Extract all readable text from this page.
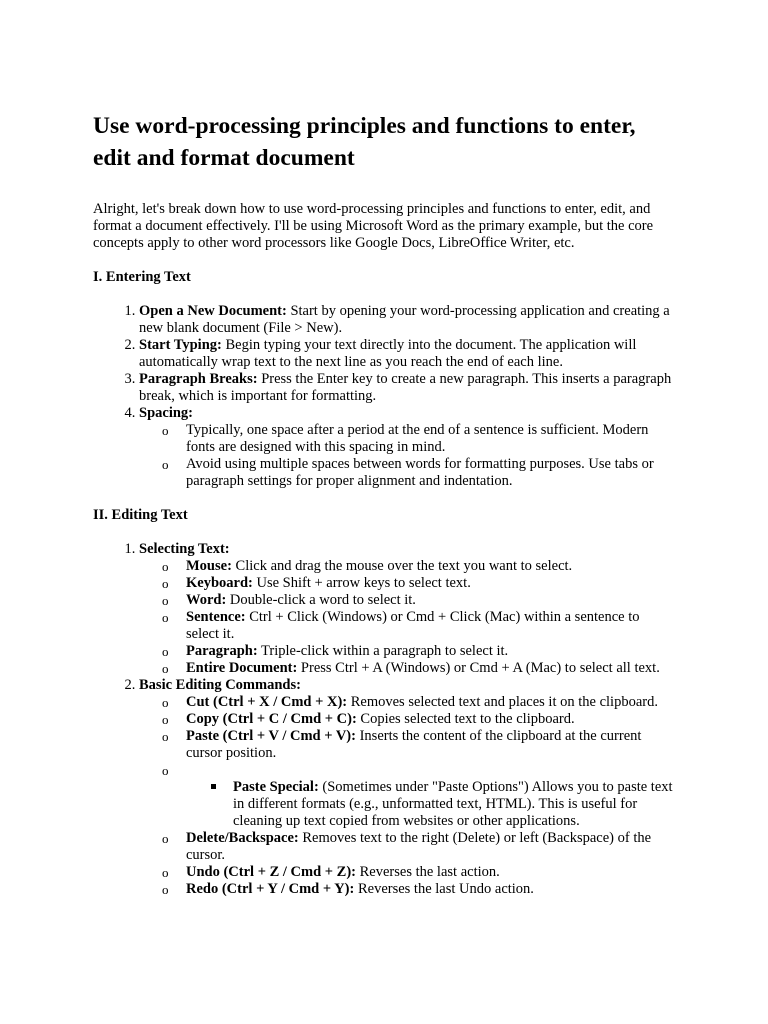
Use word-processing principles and functions to enter, edit and format document

Alright, let's break down how to use word-processing principles and functions to enter, edit, and format a document effectively. I'll be using Microsoft Word as the primary example, but the core concepts apply to other word processors like Google Docs, LibreOffice Writer, etc.

I. Entering Text
1. Open a New Document: Start by opening your word-processing application and creating a new blank document (File > New).
2. Start Typing: Begin typing your text directly into the document. The application will automatically wrap text to the next line as you reach the end of each line.
3. Paragraph Breaks: Press the Enter key to create a new paragraph. This inserts a paragraph break, which is important for formatting.
4. Spacing:
o Typically, one space after a period at the end of a sentence is sufficient. Modern fonts are designed with this spacing in mind.
o Avoid using multiple spaces between words for formatting purposes. Use tabs or paragraph settings for proper alignment and indentation.
II. Editing Text
1. Selecting Text:
o Mouse: Click and drag the mouse over the text you want to select.
o Keyboard: Use Shift + arrow keys to select text.
o Word: Double-click a word to select it.
o Sentence: Ctrl + Click (Windows) or Cmd + Click (Mac) within a sentence to select it.
o Paragraph: Triple-click within a paragraph to select it.
o Entire Document: Press Ctrl + A (Windows) or Cmd + A (Mac) to select all text.
2. Basic Editing Commands:
o Cut (Ctrl + X / Cmd + X): Removes selected text and places it on the clipboard.
o Copy (Ctrl + C / Cmd + C): Copies selected text to the clipboard.
o Paste (Ctrl + V / Cmd + V): Inserts the content of the clipboard at the current cursor position.
o Paste Special: (Sometimes under "Paste Options") Allows you to paste text in different formats (e.g., unformatted text, HTML). This is useful for cleaning up text copied from websites or other applications.
o Delete/Backspace: Removes text to the right (Delete) or left (Backspace) of the cursor.
o Undo (Ctrl + Z / Cmd + Z): Reverses the last action.
o Redo (Ctrl + Y / Cmd + Y): Reverses the last Undo action.
